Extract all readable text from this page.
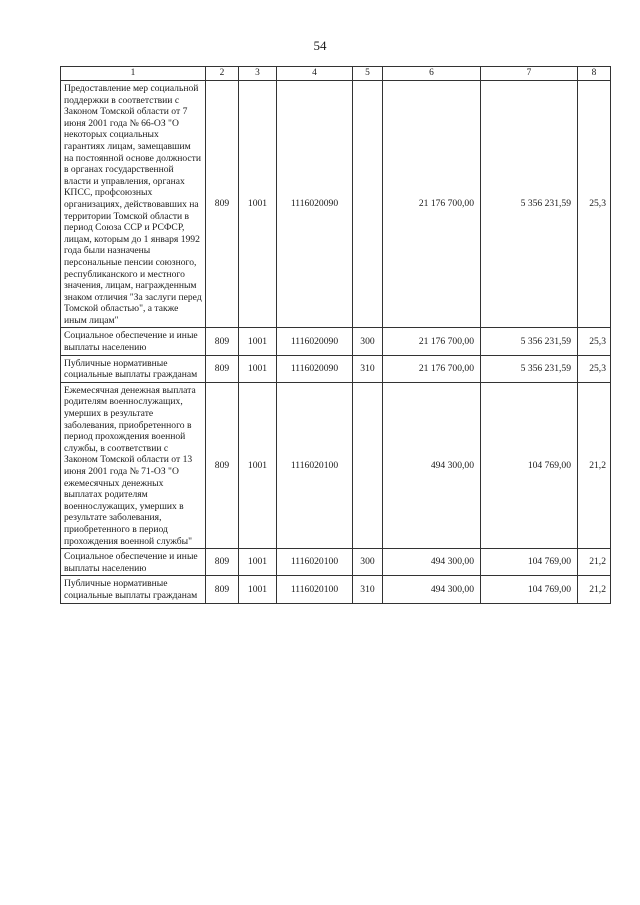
54
1	2	3	4	5	6	7	8
Предоставление мер социальной поддержки в соответствии с Законом Томской области от 7 июня 2001 года № 66-ОЗ "О некоторых социальных гарантиях лицам, замещавшим на постоянной основе должности в органах государственной власти и управления, органах КПСС, профсоюзных организациях, действовавших на территории Томской области в период Союза ССР и РСФСР, лицам, которым до 1 января 1992 года были назначены персональные пенсии союзного, республиканского и местного значения, лицам, награжденным знаком отличия "За заслуги перед Томской областью", а также иным лицам"	809	1001	1116020090		21 176 700,00	5 356 231,59	25,3
Социальное обеспечение и иные выплаты населению	809	1001	1116020090	300	21 176 700,00	5 356 231,59	25,3
Публичные нормативные социальные выплаты гражданам	809	1001	1116020090	310	21 176 700,00	5 356 231,59	25,3
Ежемесячная денежная выплата родителям военнослужащих, умерших в результате заболевания, приобретенного в период прохождения военной службы, в соответствии с Законом Томской области от 13 июня 2001 года № 71-ОЗ "О ежемесячных денежных выплатах родителям военнослужащих, умерших в результате заболевания, приобретенного в период прохождения военной службы"	809	1001	1116020100		494 300,00	104 769,00	21,2
Социальное обеспечение и иные выплаты населению	809	1001	1116020100	300	494 300,00	104 769,00	21,2
Публичные нормативные социальные выплаты гражданам	809	1001	1116020100	310	494 300,00	104 769,00	21,2
